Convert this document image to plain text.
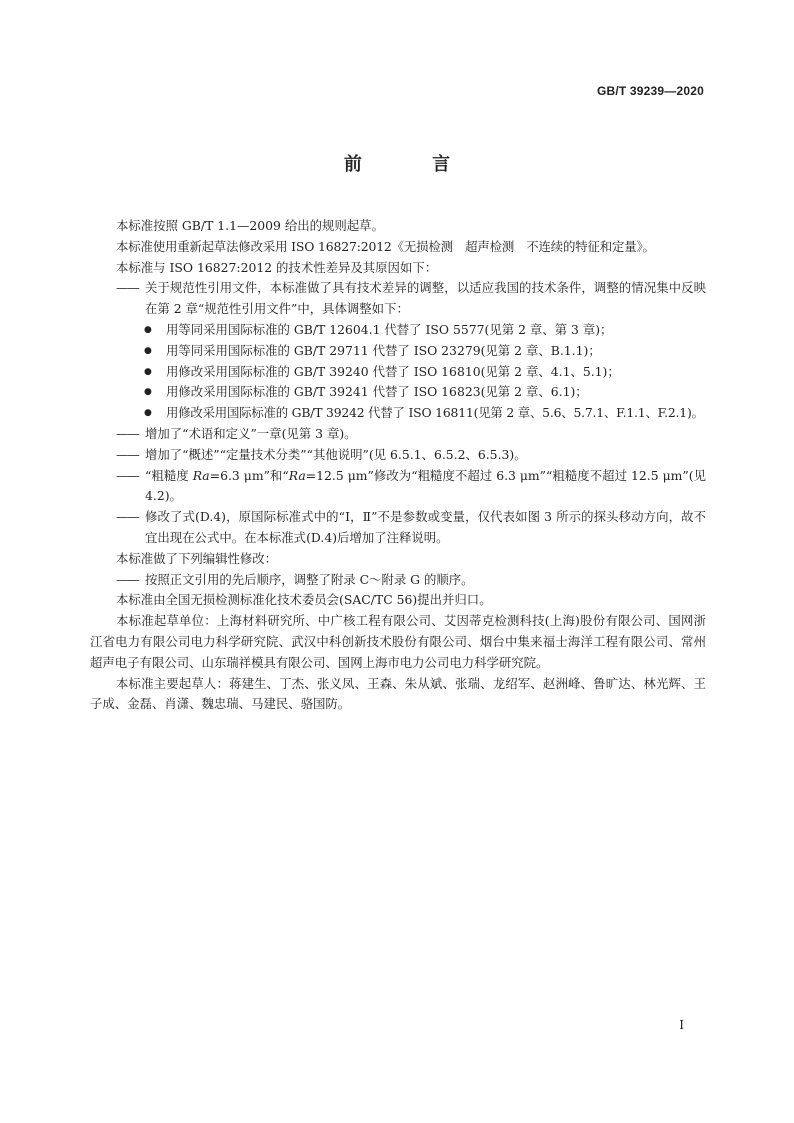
GB/T 39239—2020
前 言

本标准按照 GB/T 1.1—2009 给出的规则起草。

本标准使用重新起草法修改采用 ISO 16827:2012《无损检测　超声检测　不连续的特征和定量》。

本标准与 ISO 16827:2012 的技术性差异及其原因如下：

—— 关于规范性引用文件，本标准做了具有技术差异的调整，以适应我国的技术条件，调整的情况集中反映在第 2 章“规范性引用文件”中，具体调整如下：
● 用等同采用国际标准的 GB/T 12604.1 代替了 ISO 5577(见第 2 章、第 3 章)；
● 用等同采用国际标准的 GB/T 29711 代替了 ISO 23279(见第 2 章、B.1.1)；
● 用修改采用国际标准的 GB/T 39240 代替了 ISO 16810(见第 2 章、4.1、5.1)；
● 用修改采用国际标准的 GB/T 39241 代替了 ISO 16823(见第 2 章、6.1)；
● 用修改采用国际标准的 GB/T 39242 代替了 ISO 16811(见第 2 章、5.6、5.7.1、F.1.1、F.2.1)。
—— 增加了“术语和定义”一章(见第 3 章)。
—— 增加了“概述”“定量技术分类”“其他说明”(见 6.5.1、6.5.2、6.5.3)。
—— “粗糙度 Ra=6.3 μm”和“Ra=12.5 μm”修改为“粗糙度不超过 6.3 μm”“粗糙度不超过 12.5 μm”(见 4.2)。
—— 修改了式(D.4)，原国际标准式中的“Ⅰ，Ⅱ”不是参数或变量，仅代表如图 3 所示的探头移动方向，故不宜出现在公式中。在本标准式(D.4)后增加了注释说明。

本标准做了下列编辑性修改：

—— 按照正文引用的先后顺序，调整了附录 C～附录 G 的顺序。

本标准由全国无损检测标准化技术委员会(SAC/TC 56)提出并归口。

本标准起草单位：上海材料研究所、中广核工程有限公司、艾因蒂克检测科技(上海)股份有限公司、国网浙江省电力有限公司电力科学研究院、武汉中科创新技术股份有限公司、烟台中集来福士海洋工程有限公司、常州超声电子有限公司、山东瑞祥模具有限公司、国网上海市电力公司电力科学研究院。

本标准主要起草人：蒋建生、丁杰、张义凤、王森、朱从斌、张瑞、龙绍军、赵洲峰、鲁旷达、林光辉、王子成、金磊、肖潇、魏忠瑞、马建民、骆国防。

Ⅰ
